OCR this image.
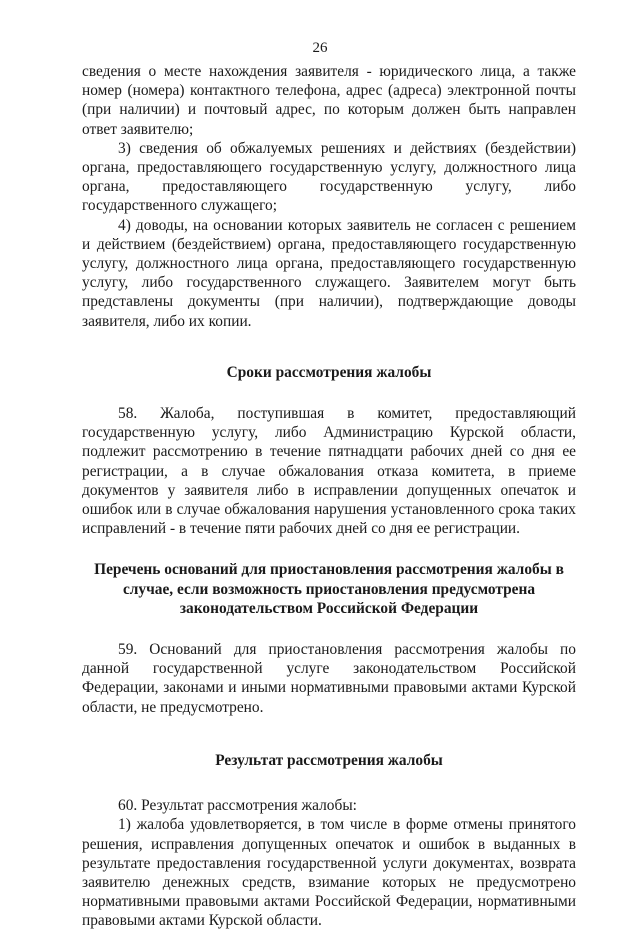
26

сведения о месте нахождения заявителя - юридического лица, а также номер (номера) контактного телефона, адрес (адреса) электронной почты (при наличии) и почтовый адрес, по которым должен быть направлен ответ заявителю;

3) сведения об обжалуемых решениях и действиях (бездействии) органа, предоставляющего государственную услугу, должностного лица органа, предоставляющего государственную услугу, либо государственного служащего;

4) доводы, на основании которых заявитель не согласен с решением и действием (бездействием) органа, предоставляющего государственную услугу, должностного лица органа, предоставляющего государственную услугу, либо государственного служащего. Заявителем могут быть представлены документы (при наличии), подтверждающие доводы заявителя, либо их копии.

Сроки рассмотрения жалобы

58. Жалоба, поступившая в комитет, предоставляющий государственную услугу, либо Администрацию Курской области, подлежит рассмотрению в течение пятнадцати рабочих дней со дня ее регистрации, а в случае обжалования отказа комитета, в приеме документов у заявителя либо в исправлении допущенных опечаток и ошибок или в случае обжалования нарушения установленного срока таких исправлений - в течение пяти рабочих дней со дня ее регистрации.

Перечень оснований для приостановления рассмотрения жалобы в
случае, если возможность приостановления предусмотрена
законодательством Российской Федерации

59. Оснований для приостановления рассмотрения жалобы по данной государственной услуге законодательством Российской Федерации, законами и иными нормативными правовыми актами Курской области, не предусмотрено.

Результат рассмотрения жалобы

60. Результат рассмотрения жалобы:

1) жалоба удовлетворяется, в том числе в форме отмены принятого решения, исправления допущенных опечаток и ошибок в выданных в результате предоставления государственной услуги документах, возврата заявителю денежных средств, взимание которых не предусмотрено нормативными правовыми актами Российской Федерации, нормативными правовыми актами Курской области.
